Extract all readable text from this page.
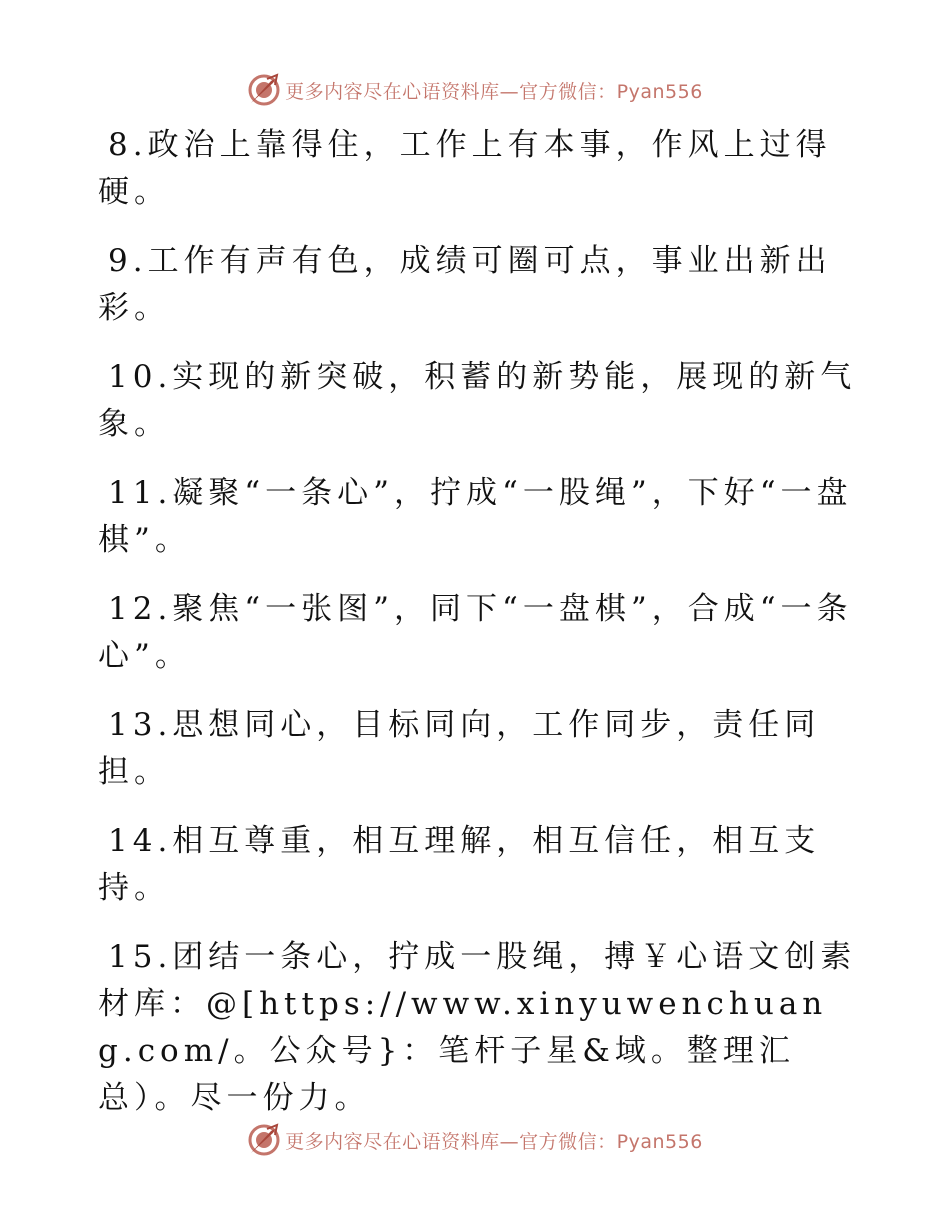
更多内容尽在心语资料库—官方微信：Pyan556

8.政治上靠得住，工作上有本事，作风上过得硬。

9.工作有声有色，成绩可圈可点，事业出新出彩。

10.实现的新突破，积蓄的新势能，展现的新气象。

11.凝聚“一条心”，拧成“一股绳”，下好“一盘棋”。

12.聚焦“一张图”，同下“一盘棋”，合成“一条心”。

13.思想同心，目标同向，工作同步，责任同担。

14.相互尊重，相互理解，相互信任，相互支持。

15.团结一条心，拧成一股绳，搏￥心语文创素材库：@[https://www.xinyuwenchuang.com/。公众号}：笔杆子星&域。整理汇总）。尽一份力。

更多内容尽在心语资料库—官方微信：Pyan556
